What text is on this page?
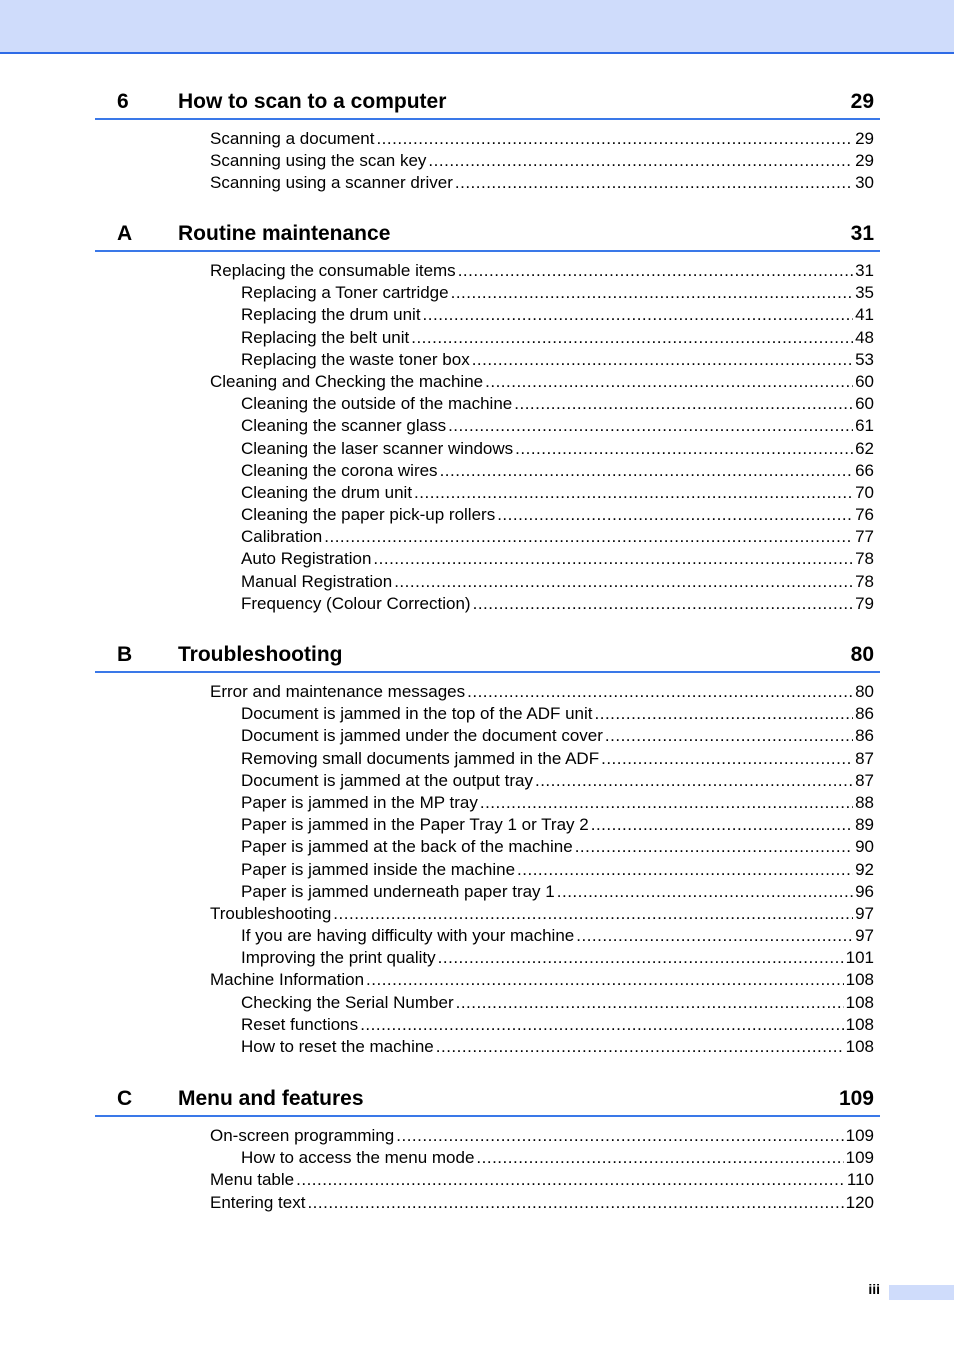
6 How to scan to a computer	29
Scanning a document .....	29
Scanning using the scan key .....	29
Scanning using a scanner driver .....	30
A Routine maintenance	31
Replacing the consumable items .....	31
Replacing a Toner cartridge .....	35
Replacing the drum unit .....	41
Replacing the belt unit .....	48
Replacing the waste toner box .....	53
Cleaning and Checking the machine .....	60
Cleaning the outside of the machine .....	60
Cleaning the scanner glass .....	61
Cleaning the laser scanner windows .....	62
Cleaning the corona wires .....	66
Cleaning the drum unit .....	70
Cleaning the paper pick-up rollers .....	76
Calibration .....	77
Auto Registration .....	78
Manual Registration .....	78
Frequency (Colour Correction) .....	79
B Troubleshooting	80
Error and maintenance messages .....	80
Document is jammed in the top of the ADF unit .....	86
Document is jammed under the document cover .....	86
Removing small documents jammed in the ADF .....	87
Document is jammed at the output tray .....	87
Paper is jammed in the MP tray .....	88
Paper is jammed in the Paper Tray 1 or Tray 2 .....	89
Paper is jammed at the back of the machine .....	90
Paper is jammed inside the machine .....	92
Paper is jammed underneath paper tray 1 .....	96
Troubleshooting .....	97
If you are having difficulty with your machine .....	97
Improving the print quality .....	101
Machine Information .....	108
Checking the Serial Number .....	108
Reset functions .....	108
How to reset the machine .....	108
C Menu and features	109
On-screen programming .....	109
How to access the menu mode .....	109
Menu table .....	110
Entering text .....	120
iii
